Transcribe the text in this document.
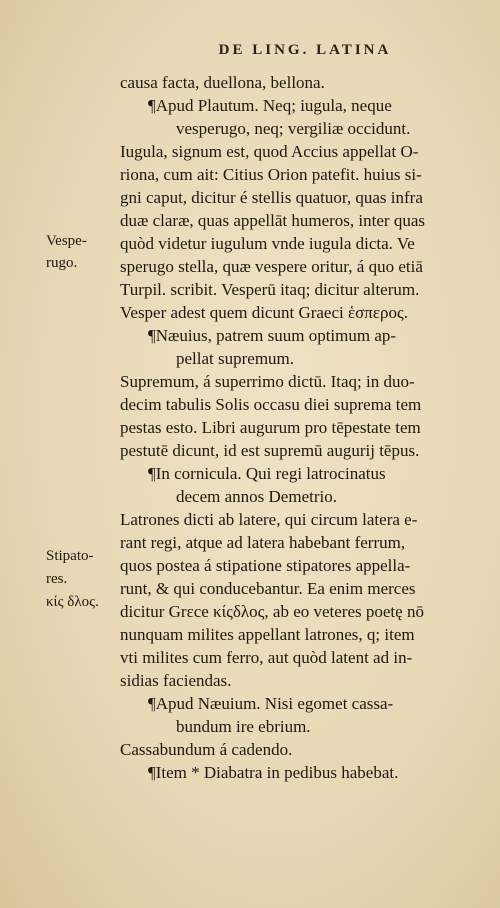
DE LING. LATINA
Vespe-
rugo.
Stipato-
res.
κίς δλος.
causa facta, duellona, bellona.
¶Apud Plautum. Neq; iugula, neque
vesperugo, neq; vergiliæ occidunt.
Iugula, signum est, quod Accius appellat O-
riona, cum ait: Citius Orion patefit. huius si-
gni caput, dicitur é stellis quatuor, quas infra
duæ claræ, quas appellāt humeros, inter quas
quòd videtur iugulum vnde iugula dicta. Ve
sperugo stella, quæ vespere oritur, á quo etiā
Turpil. scribit. Vesperū itaq; dicitur alterum.
Vesper adest quem dicunt Graeci ἑσπερος.
¶Næuius, patrem suum optimum ap-
pellat supremum.
Supremum, á superrimo dictū. Itaq; in duo-
decim tabulis Solis occasu diei suprema tem
pestas esto. Libri augurum pro tēpestate tem
pestutē dicunt, id est supremū augurij tēpus.
¶In cornicula. Qui regi latrocinatus
decem annos Demetrio.
Latrones dicti ab latere, qui circum latera e-
rant regi, atque ad latera habebant ferrum,
quos postea á stipatione stipatores appella-
runt, & qui conducebantur. Ea enim merces
dicitur Grεce κίςδλος, ab eo veteres poetę nō
nunquam milites appellant latrones, q; item
vti milites cum ferro, aut quòd latent ad in-
sidias faciendas.
¶Apud Næuium. Nisi egomet cassa-
bundum ire ebrium.
Cassabundum á cadendo.
¶Item * Diabatra in pedibus habebat.
